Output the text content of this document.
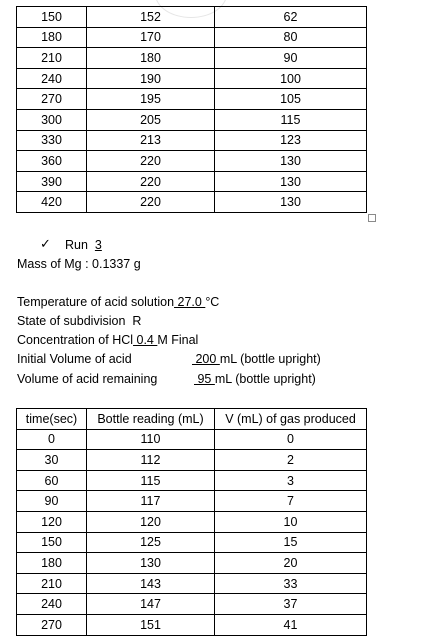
150	152	62
180	170	80
210	180	90
240	190	100
270	195	105
300	205	115
330	213	123
360	220	130
390	220	130
420	220	130
✓ Run 3
Mass of Mg : 0.1337 g
Temperature of acid solution 27.0 °C
State of subdivision R
Concentration of HCl 0.4 M Final
Initial Volume of acid	200 mL (bottle upright)
Volume of acid remaining	95 mL (bottle upright)
time(sec)	Bottle reading (mL)	V (mL) of gas produced
0	110	0
30	112	2
60	115	3
90	117	7
120	120	10
150	125	15
180	130	20
210	143	33
240	147	37
270	151	41
